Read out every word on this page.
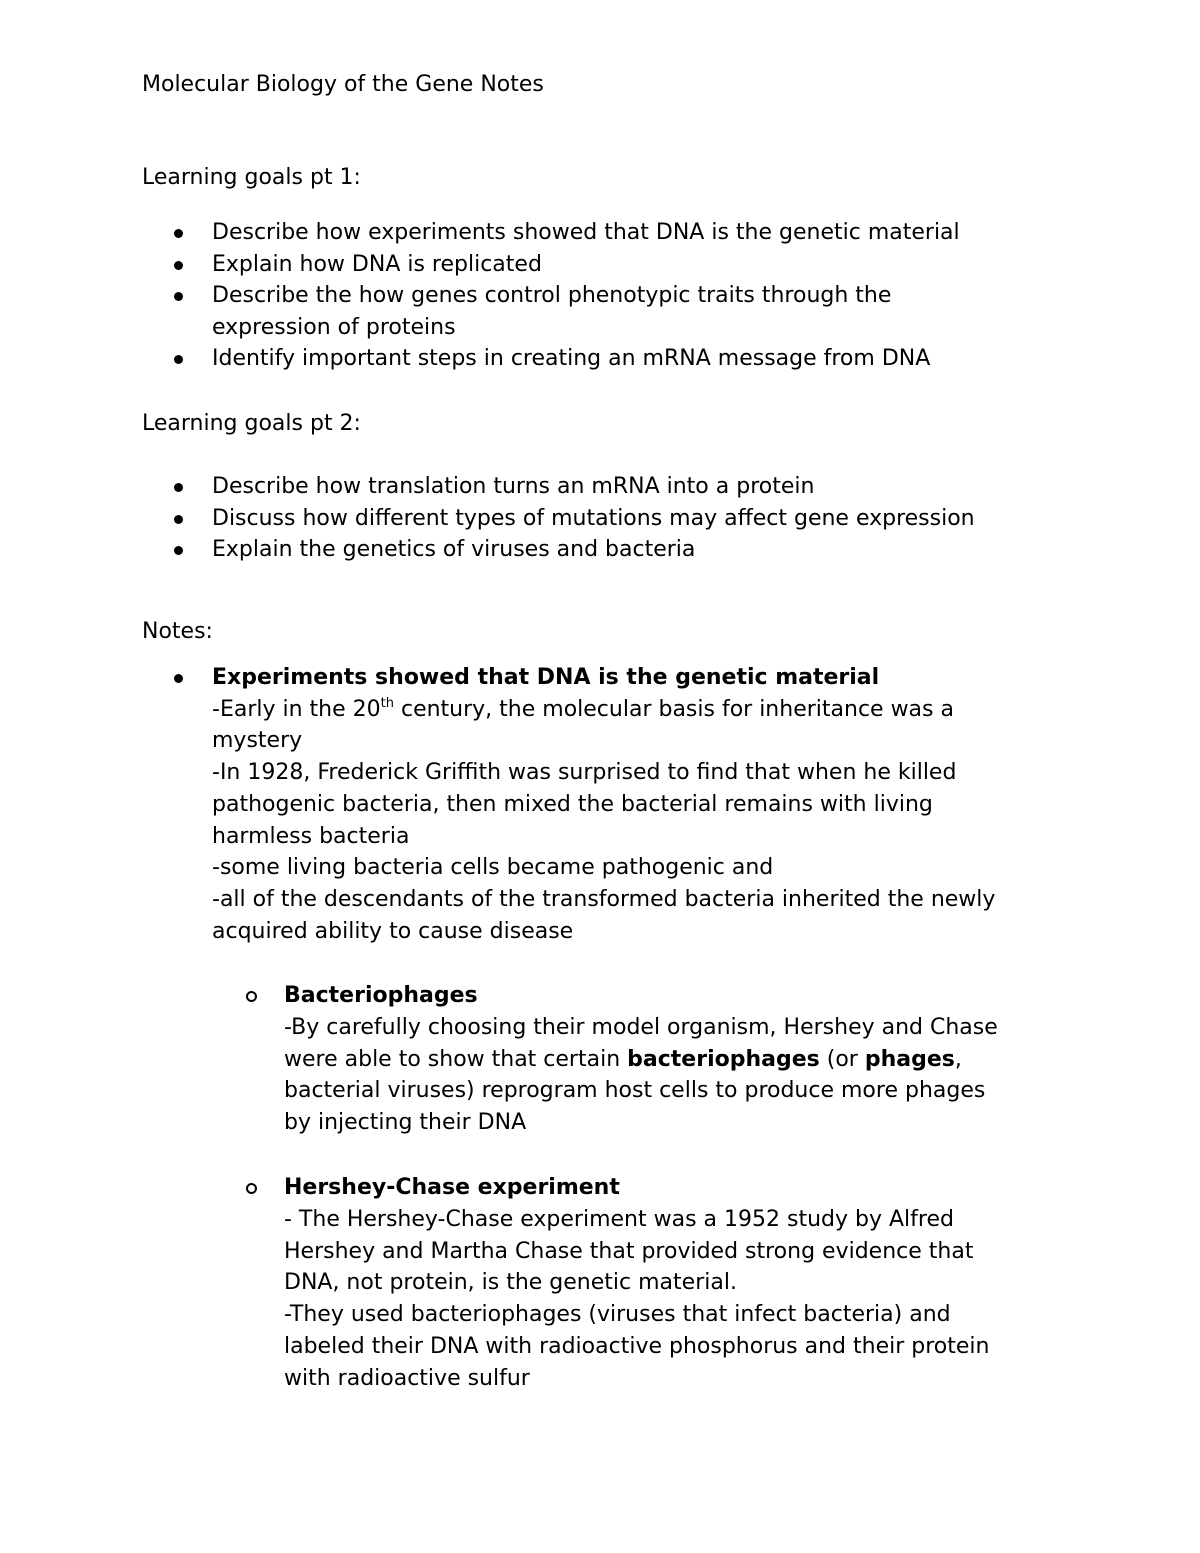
Molecular Biology of the Gene Notes
Learning goals pt 1:
Describe how experiments showed that DNA is the genetic material
Explain how DNA is replicated
Describe the how genes control phenotypic traits through the
expression of proteins
Identify important steps in creating an mRNA message from DNA
Learning goals pt 2:
Describe how translation turns an mRNA into a protein
Discuss how different types of mutations may affect gene expression
Explain the genetics of viruses and bacteria
Notes:

Experiments showed that DNA is the genetic material

-Early in the 20th century, the molecular basis for inheritance was a

mystery

-In 1928, Frederick Griffith was surprised to find that when he killed

pathogenic bacteria, then mixed the bacterial remains with living

harmless bacteria

-some living bacteria cells became pathogenic and

-all of the descendants of the transformed bacteria inherited the newly

acquired ability to cause disease

Bacteriophages

-By carefully choosing their model organism, Hershey and Chase

were able to show that certain bacteriophages (or phages,

bacterial viruses) reprogram host cells to produce more phages

by injecting their DNA

Hershey-Chase experiment

- The Hershey-Chase experiment was a 1952 study by Alfred

Hershey and Martha Chase that provided strong evidence that

DNA, not protein, is the genetic material.

-They used bacteriophages (viruses that infect bacteria) and

labeled their DNA with radioactive phosphorus and their protein

with radioactive sulfur
